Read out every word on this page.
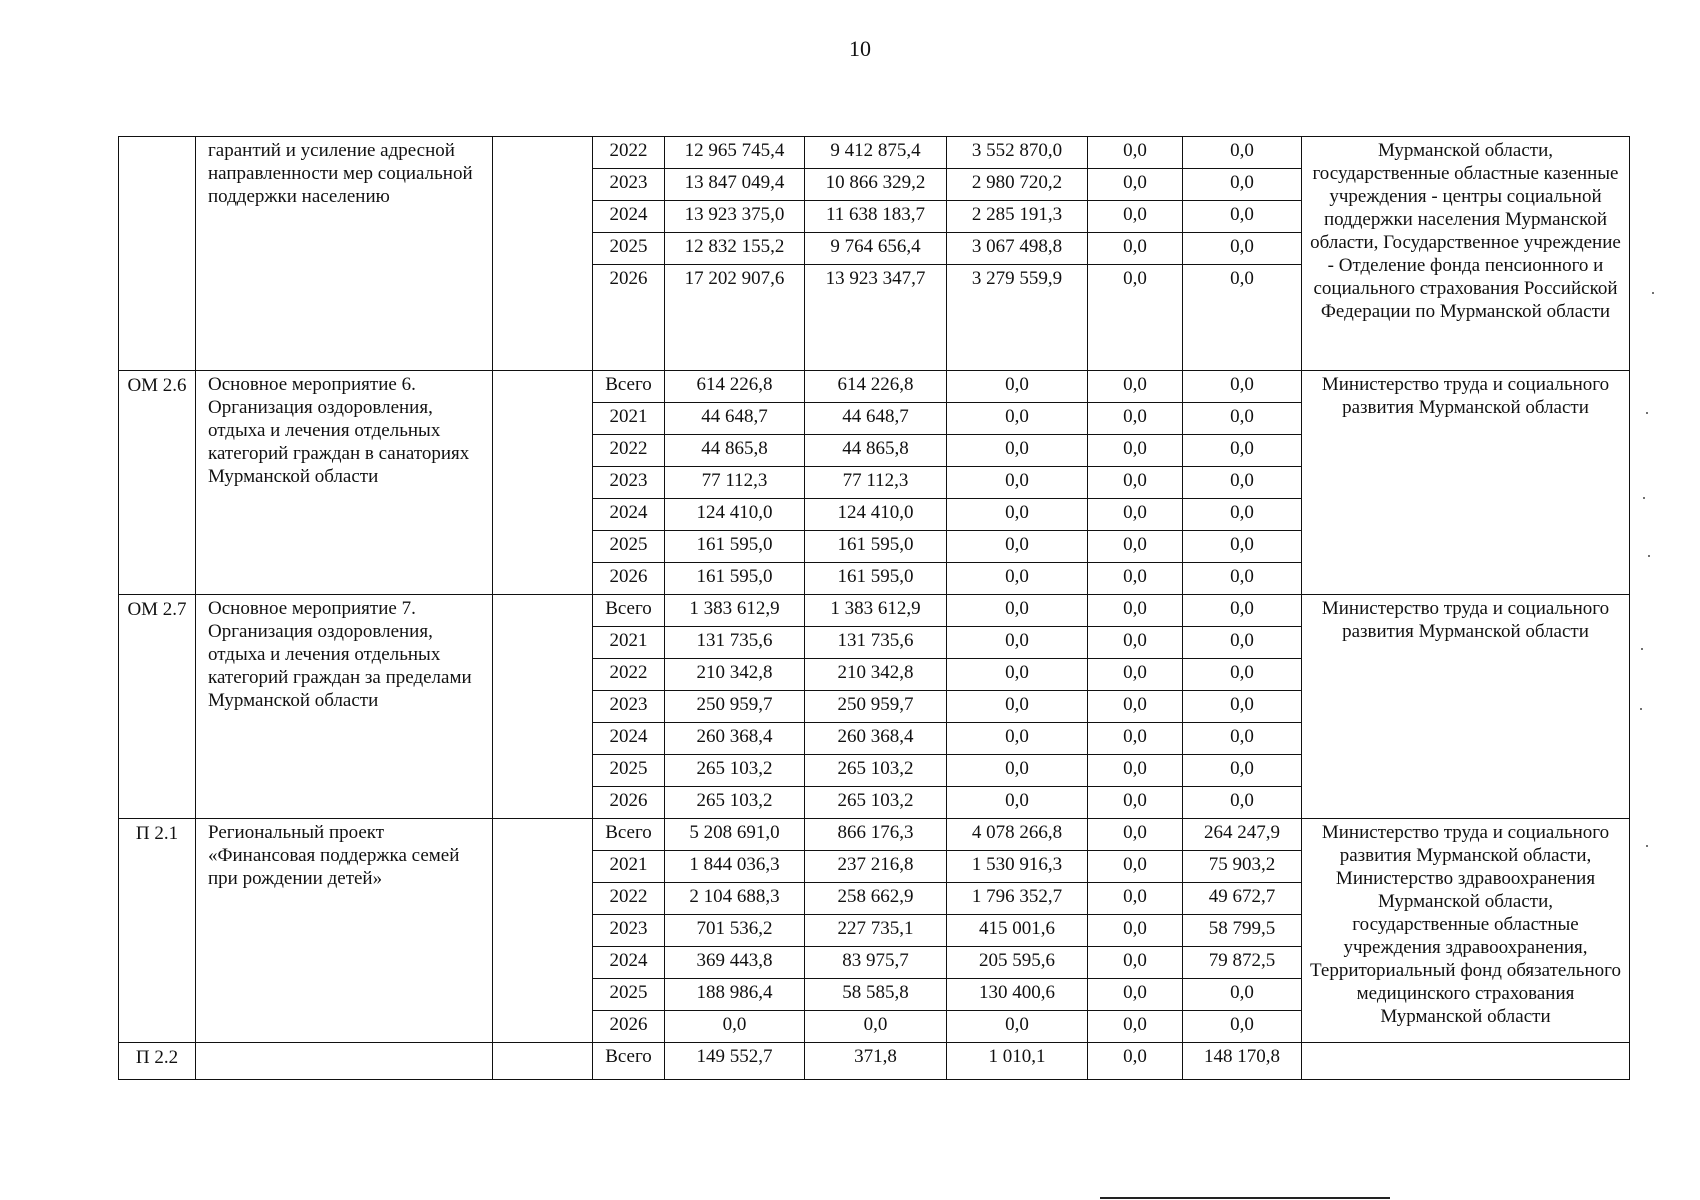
10
	гарантий и усиление адресной направленности мер социальной поддержки населению		2022	12 965 745,4	9 412 875,4	3 552 870,0	0,0	0,0	Мурманской области, государственные областные казенные учреждения - центры социальной поддержки населения Мурманской области, Государственное учреждение - Отделение фонда пенсионного и социального страхования Российской Федерации по Мурманской области
			2023	13 847 049,4	10 866 329,2	2 980 720,2	0,0	0,0	
			2024	13 923 375,0	11 638 183,7	2 285 191,3	0,0	0,0	
			2025	12 832 155,2	9 764 656,4	3 067 498,8	0,0	0,0	
			2026	17 202 907,6	13 923 347,7	3 279 559,9	0,0	0,0	
ОМ 2.6	Основное мероприятие 6. Организация оздоровления, отдыха и лечения отдельных категорий граждан в санаториях Мурманской области		Всего	614 226,8	614 226,8	0,0	0,0	0,0	Министерство труда и социального развития Мурманской области
			2021	44 648,7	44 648,7	0,0	0,0	0,0	
			2022	44 865,8	44 865,8	0,0	0,0	0,0	
			2023	77 112,3	77 112,3	0,0	0,0	0,0	
			2024	124 410,0	124 410,0	0,0	0,0	0,0	
			2025	161 595,0	161 595,0	0,0	0,0	0,0	
			2026	161 595,0	161 595,0	0,0	0,0	0,0	
ОМ 2.7	Основное мероприятие 7. Организация оздоровления, отдыха и лечения отдельных категорий граждан за пределами Мурманской области		Всего	1 383 612,9	1 383 612,9	0,0	0,0	0,0	Министерство труда и социального развития Мурманской области
			2021	131 735,6	131 735,6	0,0	0,0	0,0	
			2022	210 342,8	210 342,8	0,0	0,0	0,0	
			2023	250 959,7	250 959,7	0,0	0,0	0,0	
			2024	260 368,4	260 368,4	0,0	0,0	0,0	
			2025	265 103,2	265 103,2	0,0	0,0	0,0	
			2026	265 103,2	265 103,2	0,0	0,0	0,0	
П 2.1	Региональный проект «Финансовая поддержка семей при рождении детей»		Всего	5 208 691,0	866 176,3	4 078 266,8	0,0	264 247,9	Министерство труда и социального развития Мурманской области, Министерство здравоохранения Мурманской области, государственные областные учреждения здравоохранения, Территориальный фонд обязательного медицинского страхования Мурманской области
			2021	1 844 036,3	237 216,8	1 530 916,3	0,0	75 903,2	
			2022	2 104 688,3	258 662,9	1 796 352,7	0,0	49 672,7	
			2023	701 536,2	227 735,1	415 001,6	0,0	58 799,5	
			2024	369 443,8	83 975,7	205 595,6	0,0	79 872,5	
			2025	188 986,4	58 585,8	130 400,6	0,0	0,0	
			2026	0,0	0,0	0,0	0,0	0,0	
П 2.2			Всего	149 552,7	371,8	1 010,1	0,0	148 170,8	
